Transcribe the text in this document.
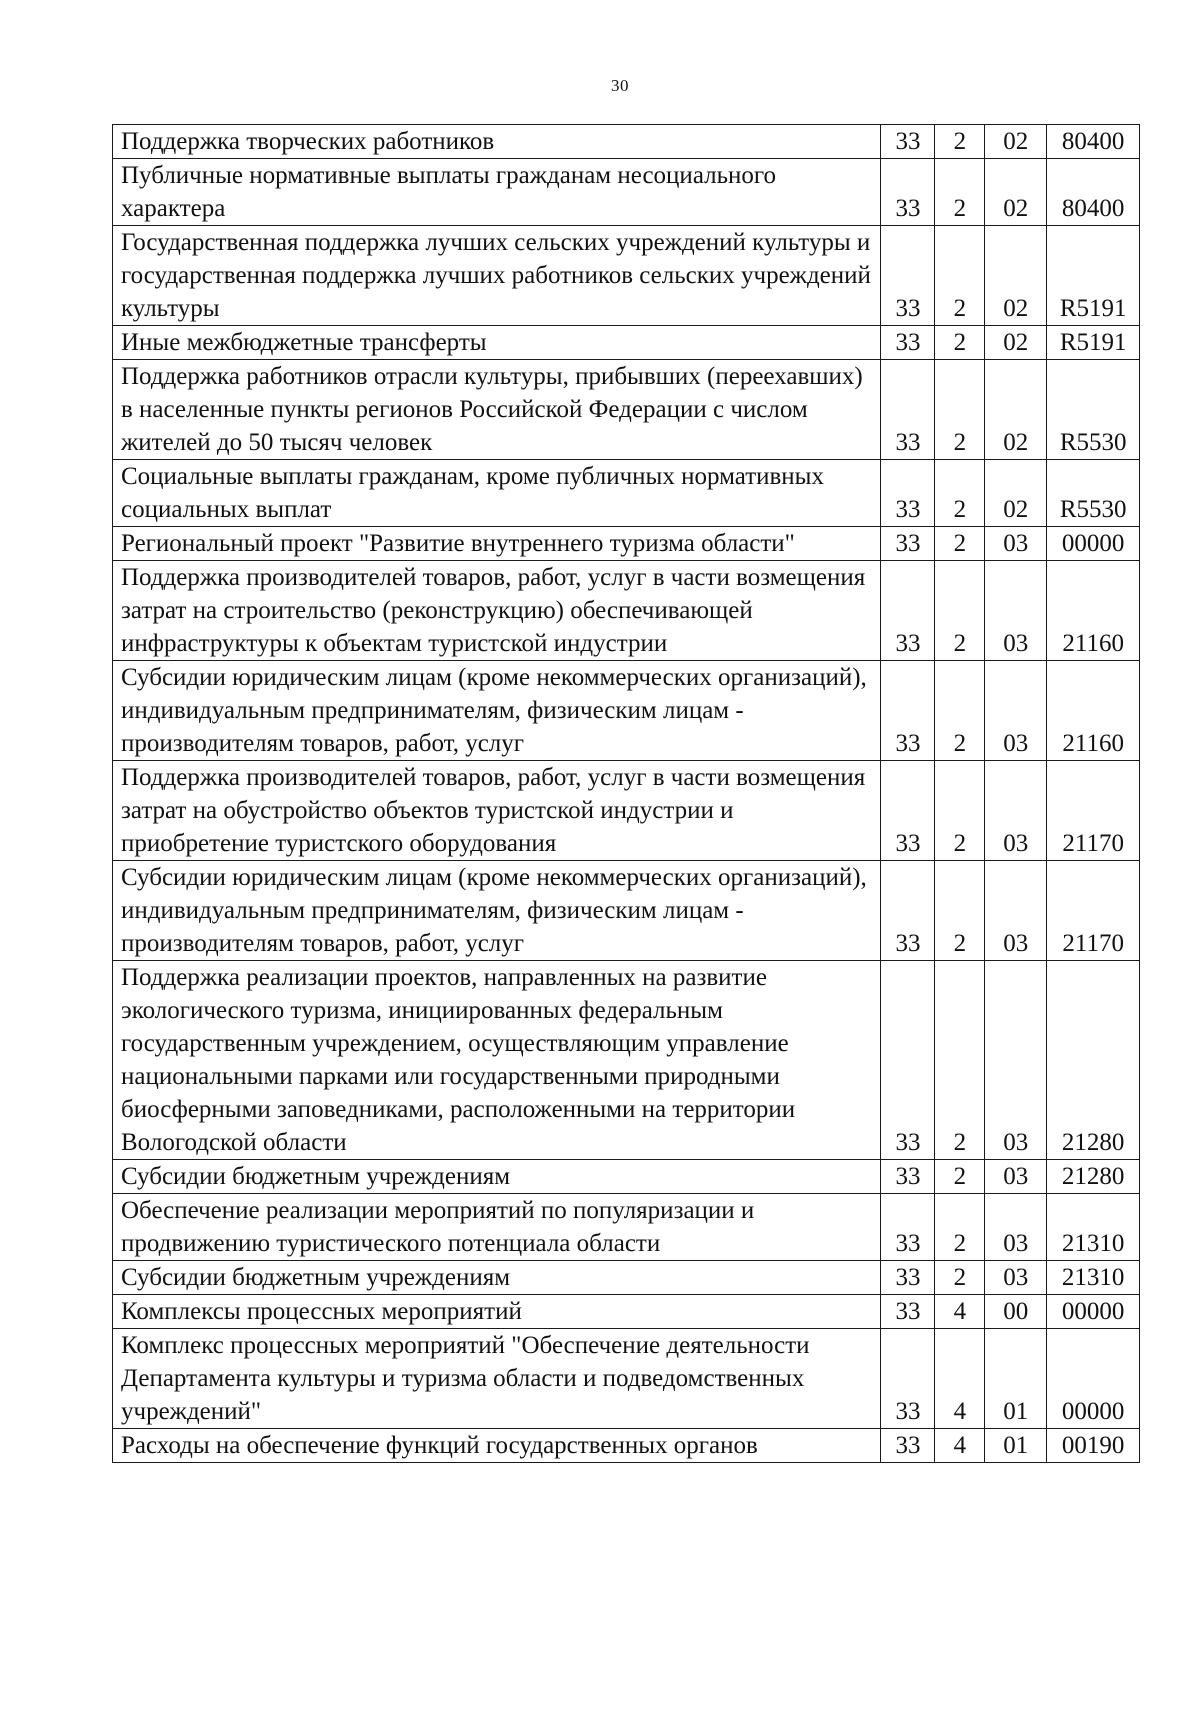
30
Поддержка творческих работников	33	2	02	80400
Публичные нормативные выплаты гражданам несоциального характера	33	2	02	80400
Государственная поддержка лучших сельских учреждений культуры и государственная поддержка лучших работников сельских учреждений культуры	33	2	02	R5191
Иные межбюджетные трансферты	33	2	02	R5191
Поддержка работников отрасли культуры, прибывших (переехавших) в населенные пункты регионов Российской Федерации с числом жителей до 50 тысяч человек	33	2	02	R5530
Социальные выплаты гражданам, кроме публичных нормативных социальных выплат	33	2	02	R5530
Региональный проект "Развитие внутреннего туризма области"	33	2	03	00000
Поддержка производителей товаров, работ, услуг в части возмещения затрат на строительство (реконструкцию) обеспечивающей инфраструктуры к объектам туристской индустрии	33	2	03	21160
Субсидии юридическим лицам (кроме некоммерческих организаций), индивидуальным предпринимателям, физическим лицам - производителям товаров, работ, услуг	33	2	03	21160
Поддержка производителей товаров, работ, услуг в части возмещения затрат на обустройство объектов туристской индустрии и приобретение туристского оборудования	33	2	03	21170
Субсидии юридическим лицам (кроме некоммерческих организаций), индивидуальным предпринимателям, физическим лицам - производителям товаров, работ, услуг	33	2	03	21170
Поддержка реализации проектов, направленных на развитие экологического туризма, инициированных федеральным государственным учреждением, осуществляющим управление национальными парками или государственными природными биосферными заповедниками, расположенными на территории Вологодской области	33	2	03	21280
Субсидии бюджетным учреждениям	33	2	03	21280
Обеспечение реализации мероприятий по популяризации и продвижению туристического потенциала области	33	2	03	21310
Субсидии бюджетным учреждениям	33	2	03	21310
Комплексы процессных мероприятий	33	4	00	00000
Комплекс процессных мероприятий "Обеспечение деятельности Департамента культуры и туризма области и подведомственных учреждений"	33	4	01	00000
Расходы на обеспечение функций государственных органов	33	4	01	00190
